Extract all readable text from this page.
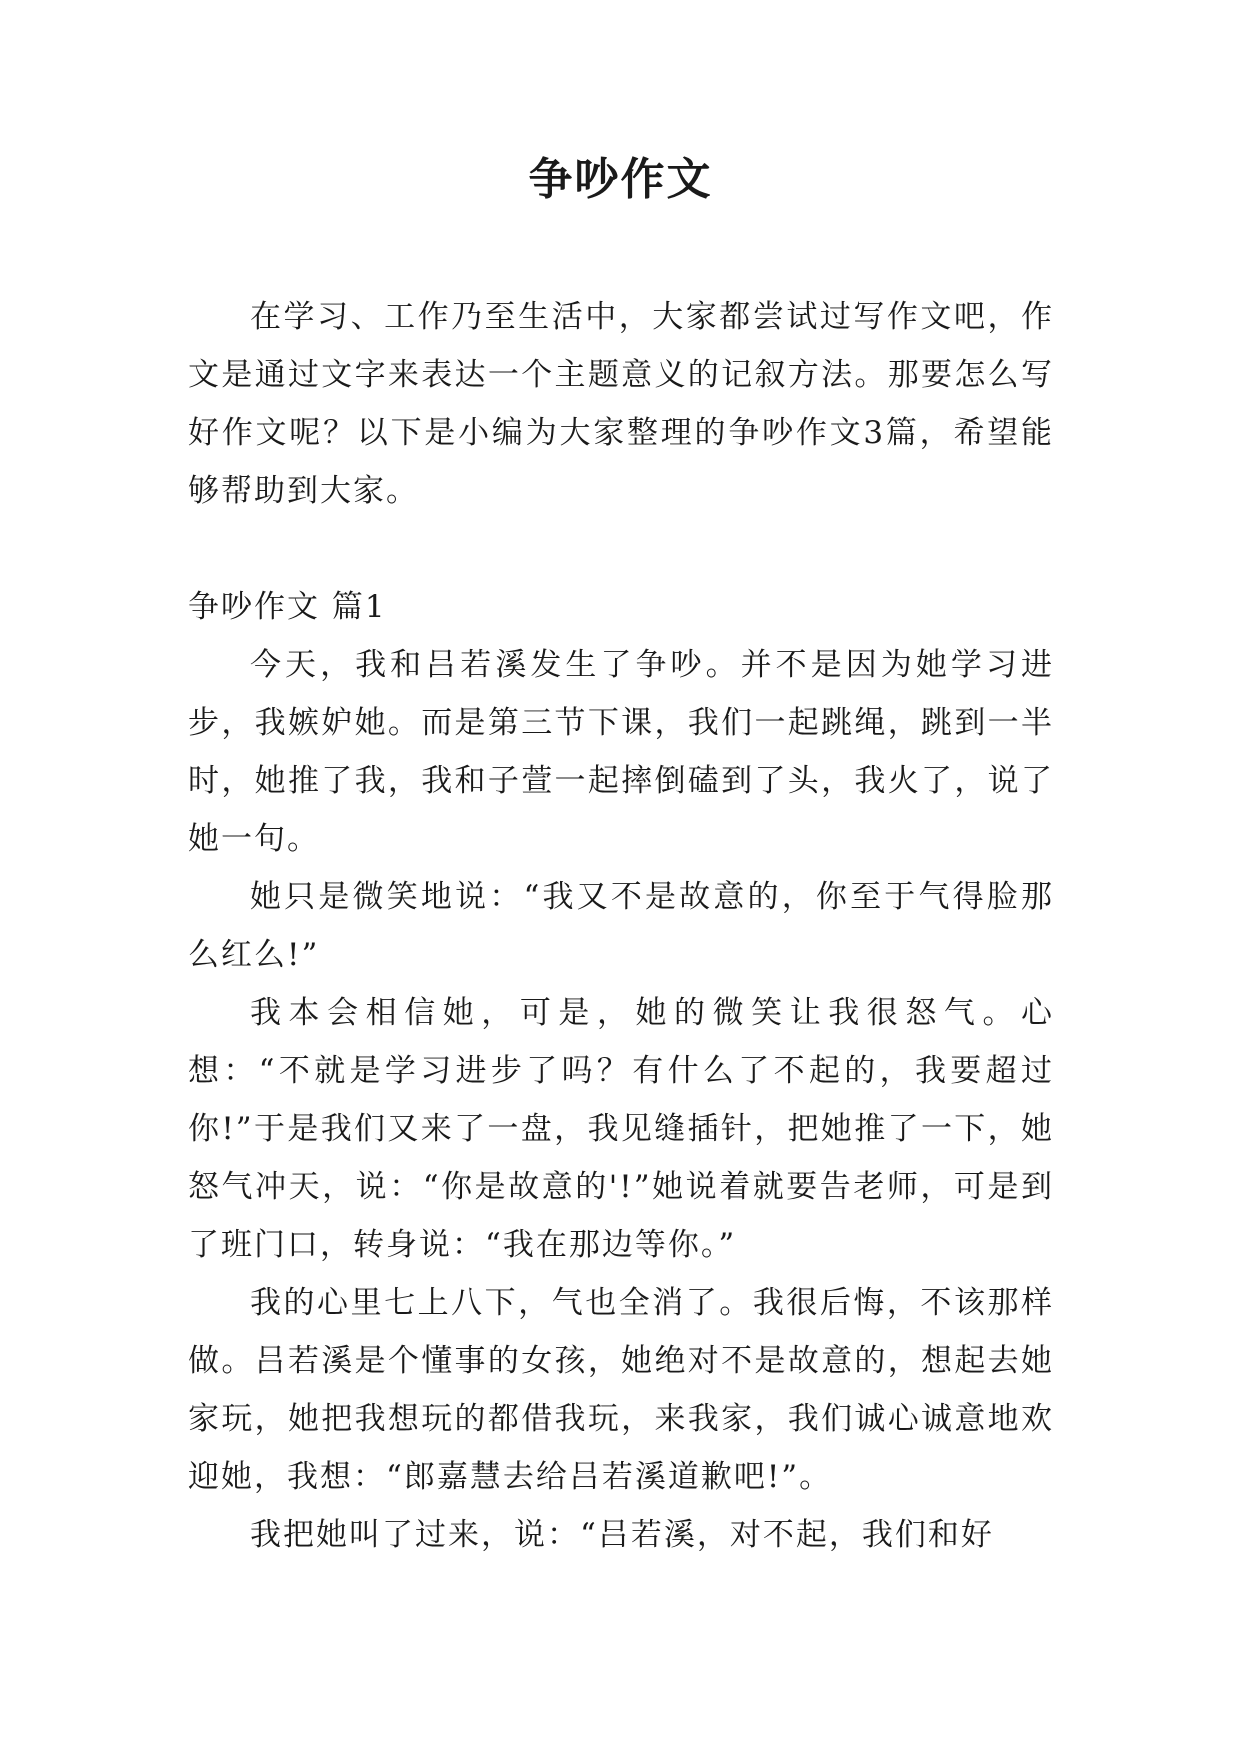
争吵作文

在学习、工作乃至生活中，大家都尝试过写作文吧，作文是通过文字来表达一个主题意义的记叙方法。那要怎么写好作文呢？以下是小编为大家整理的争吵作文3篇，希望能够帮助到大家。

争吵作文 篇1

今天，我和吕若溪发生了争吵。并不是因为她学习进步，我嫉妒她。而是第三节下课，我们一起跳绳，跳到一半时，她推了我，我和子萱一起摔倒磕到了头，我火了，说了她一句。

她只是微笑地说：“我又不是故意的，你至于气得脸那么红么!”

我本会相信她，可是，她的微笑让我很怒气。心想：“不就是学习进步了吗？有什么了不起的，我要超过你!”于是我们又来了一盘，我见缝插针，把她推了一下，她怒气冲天，说：“你是故意的'!”她说着就要告老师，可是到了班门口，转身说：“我在那边等你。”

我的心里七上八下，气也全消了。我很后悔，不该那样做。吕若溪是个懂事的女孩，她绝对不是故意的，想起去她家玩，她把我想玩的都借我玩，来我家，我们诚心诚意地欢迎她，我想：“郎嘉慧去给吕若溪道歉吧!”。

我把她叫了过来，说：“吕若溪，对不起，我们和好
